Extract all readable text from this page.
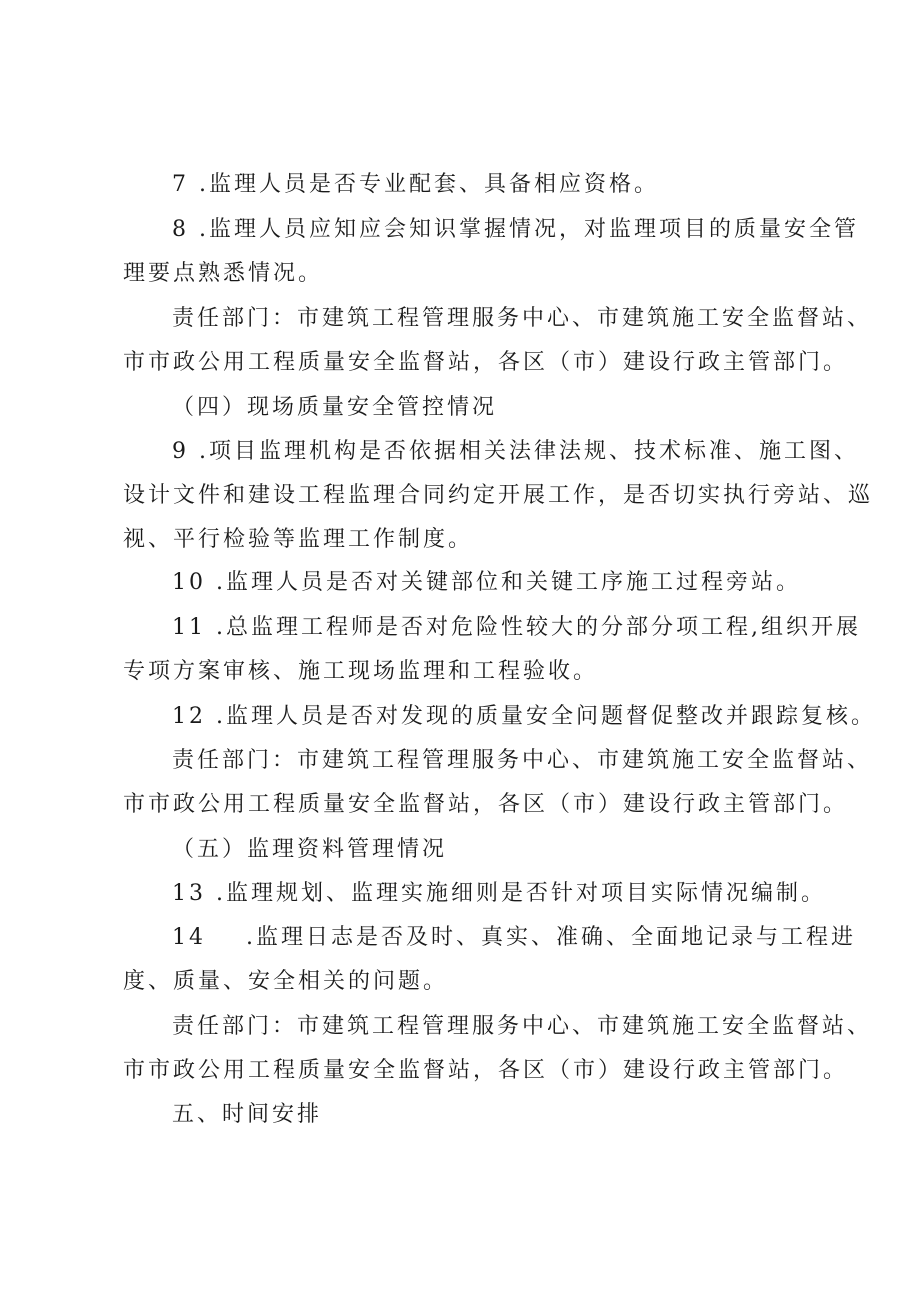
7 .监理人员是否专业配套、具备相应资格。
8 .监理人员应知应会知识掌握情况，对监理项目的质量安全管
理要点熟悉情况。
责任部门：市建筑工程管理服务中心、市建筑施工安全监督站、
市市政公用工程质量安全监督站，各区（市）建设行政主管部门。
（四）现场质量安全管控情况
9 .项目监理机构是否依据相关法律法规、技术标准、施工图、
设计文件和建设工程监理合同约定开展工作，是否切实执行旁站、巡
视、平行检验等监理工作制度。
10 .监理人员是否对关键部位和关键工序施工过程旁站。
11 .总监理工程师是否对危险性较大的分部分项工程,组织开展
专项方案审核、施工现场监理和工程验收。
12 .监理人员是否对发现的质量安全问题督促整改并跟踪复核。
责任部门：市建筑工程管理服务中心、市建筑施工安全监督站、
市市政公用工程质量安全监督站，各区（市）建设行政主管部门。
（五）监理资料管理情况
13 .监理规划、监理实施细则是否针对项目实际情况编制。
14 .监理日志是否及时、真实、准确、全面地记录与工程进
度、质量、安全相关的问题。
责任部门：市建筑工程管理服务中心、市建筑施工安全监督站、
市市政公用工程质量安全监督站，各区（市）建设行政主管部门。
五、时间安排
